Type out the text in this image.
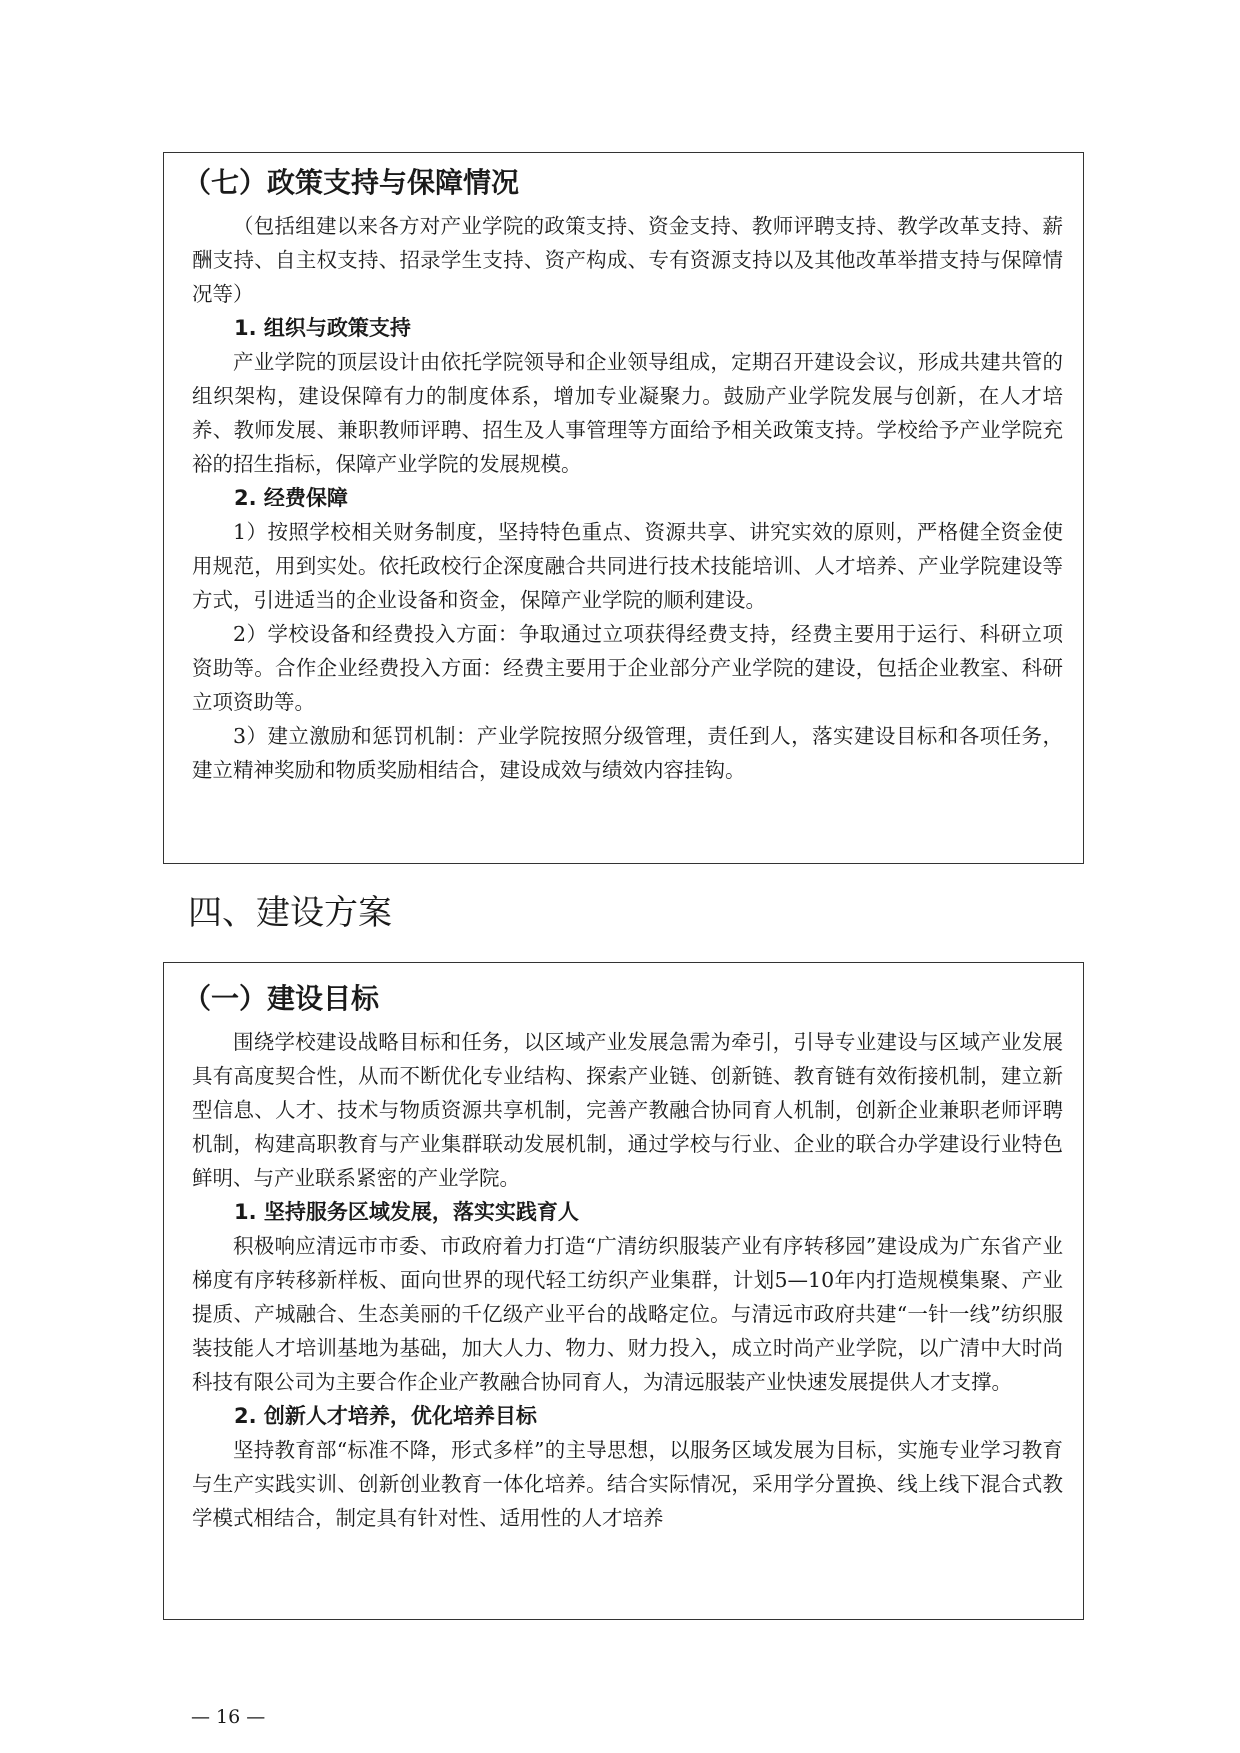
（七）政策支持与保障情况

（包括组建以来各方对产业学院的政策支持、资金支持、教师评聘支持、教学改革支持、薪酬支持、自主权支持、招录学生支持、资产构成、专有资源支持以及其他改革举措支持与保障情况等）

1. 组织与政策支持

产业学院的顶层设计由依托学院领导和企业领导组成，定期召开建设会议，形成共建共管的组织架构，建设保障有力的制度体系，增加专业凝聚力。鼓励产业学院发展与创新，在人才培养、教师发展、兼职教师评聘、招生及人事管理等方面给予相关政策支持。学校给予产业学院充裕的招生指标，保障产业学院的发展规模。

2. 经费保障

1）按照学校相关财务制度，坚持特色重点、资源共享、讲究实效的原则，严格健全资金使用规范，用到实处。依托政校行企深度融合共同进行技术技能培训、人才培养、产业学院建设等方式，引进适当的企业设备和资金，保障产业学院的顺利建设。

2）学校设备和经费投入方面：争取通过立项获得经费支持，经费主要用于运行、科研立项资助等。合作企业经费投入方面：经费主要用于企业部分产业学院的建设，包括企业教室、科研立项资助等。

3）建立激励和惩罚机制：产业学院按照分级管理，责任到人，落实建设目标和各项任务，建立精神奖励和物质奖励相结合，建设成效与绩效内容挂钩。

四、建设方案
（一）建设目标

围绕学校建设战略目标和任务，以区域产业发展急需为牵引，引导专业建设与区域产业发展具有高度契合性，从而不断优化专业结构、探索产业链、创新链、教育链有效衔接机制，建立新型信息、人才、技术与物质资源共享机制，完善产教融合协同育人机制，创新企业兼职老师评聘机制，构建高职教育与产业集群联动发展机制，通过学校与行业、企业的联合办学建设行业特色鲜明、与产业联系紧密的产业学院。

1. 坚持服务区域发展，落实实践育人

积极响应清远市市委、市政府着力打造“广清纺织服装产业有序转移园”建设成为广东省产业梯度有序转移新样板、面向世界的现代轻工纺织产业集群，计划5—10年内打造规模集聚、产业提质、产城融合、生态美丽的千亿级产业平台的战略定位。与清远市政府共建“一针一线”纺织服装技能人才培训基地为基础，加大人力、物力、财力投入，成立时尚产业学院，以广清中大时尚科技有限公司为主要合作企业产教融合协同育人，为清远服装产业快速发展提供人才支撑。

2. 创新人才培养，优化培养目标

坚持教育部“标准不降，形式多样”的主导思想，以服务区域发展为目标，实施专业学习教育与生产实践实训、创新创业教育一体化培养。结合实际情况，采用学分置换、线上线下混合式教学模式相结合，制定具有针对性、适用性的人才培养

— 16 —
